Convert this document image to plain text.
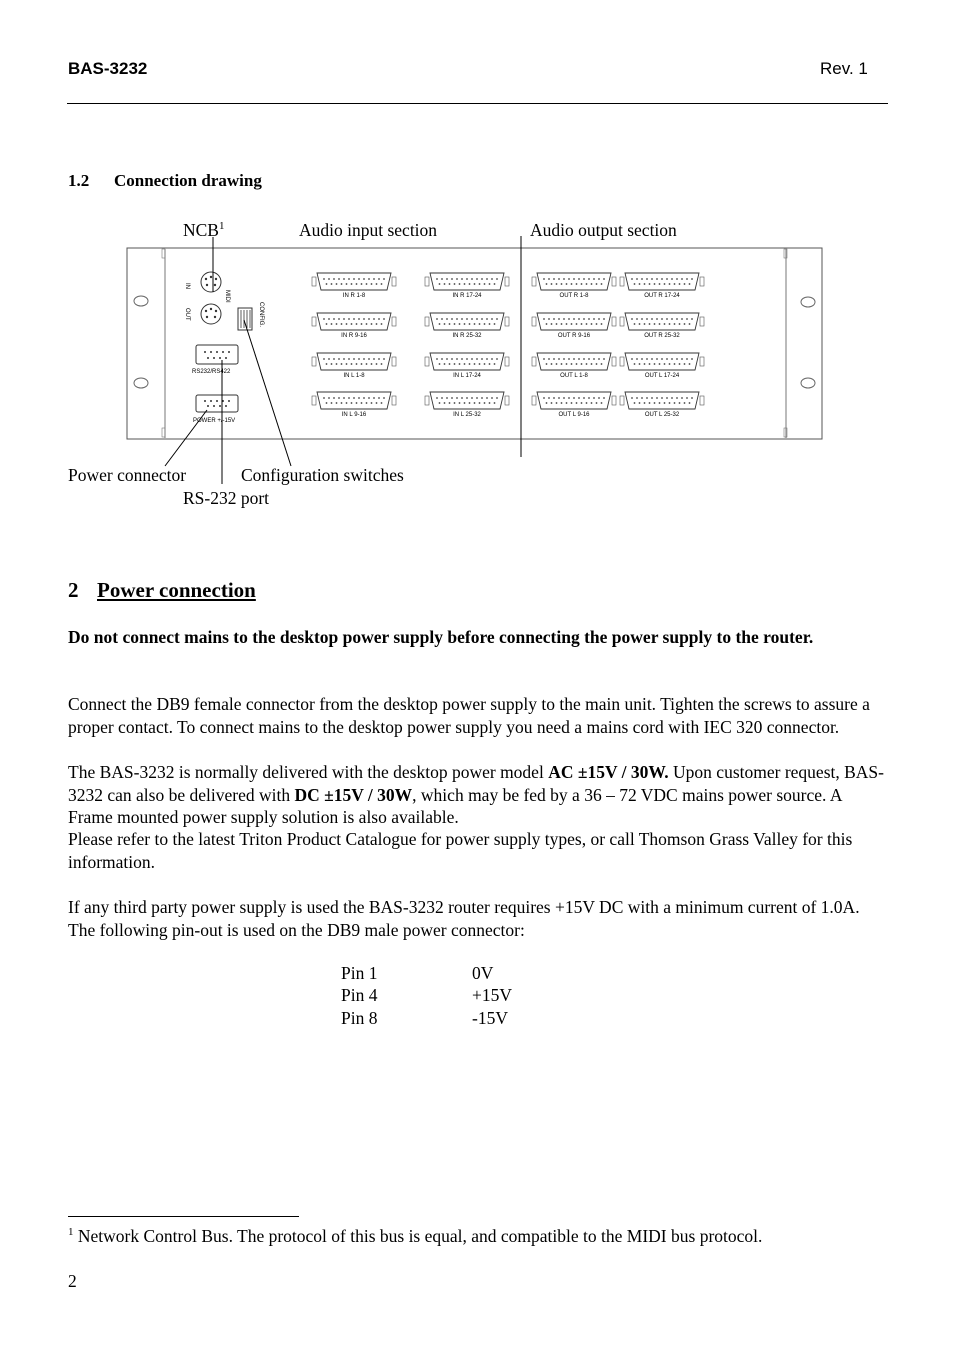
BAS-3232	Rev. 1
1.2 Connection drawing
NCB$^1$	Audio input section	Audio output section
Power connector	Configuration switches
RS-232 port
IN
OUT
MIDI
CONFIG.
RS232/RS422
POWER +/-15V
IN R 1-8	IN R 17-24
IN R 9-16	IN R 25-32
IN L 1-8	IN L 17-24
IN L 9-16	IN L 25-32
OUT R 1-8	OUT R 17-24
OUT R 9-16	OUT R 25-32
OUT L 1-8	OUT L 17-24
OUT L 9-16	OUT L 25-32
2 Power connection
Do not connect mains to the desktop power supply before connecting the power supply to the router.
Connect the DB9 female connector from the desktop power supply to the main unit. Tighten the screws to assure a proper contact. To connect mains to the desktop power supply you need a mains cord with IEC 320 connector.
The BAS-3232 is normally delivered with the desktop power model AC ±15V / 30W. Upon customer request, BAS-3232 can also be delivered with DC ±15V / 30W, which may be fed by a 36 – 72 VDC mains power source. A Frame mounted power supply solution is also available.
Please refer to the latest Triton Product Catalogue for power supply types, or call Thomson Grass Valley for this information.
If any third party power supply is used the BAS-3232 router requires +15V DC with a minimum current of 1.0A. The following pin-out is used on the DB9 male power connector:
Pin 1	0V
Pin 4	+15V
Pin 8	-15V
$^1$ Network Control Bus. The protocol of this bus is equal, and compatible to the MIDI bus protocol.
2
